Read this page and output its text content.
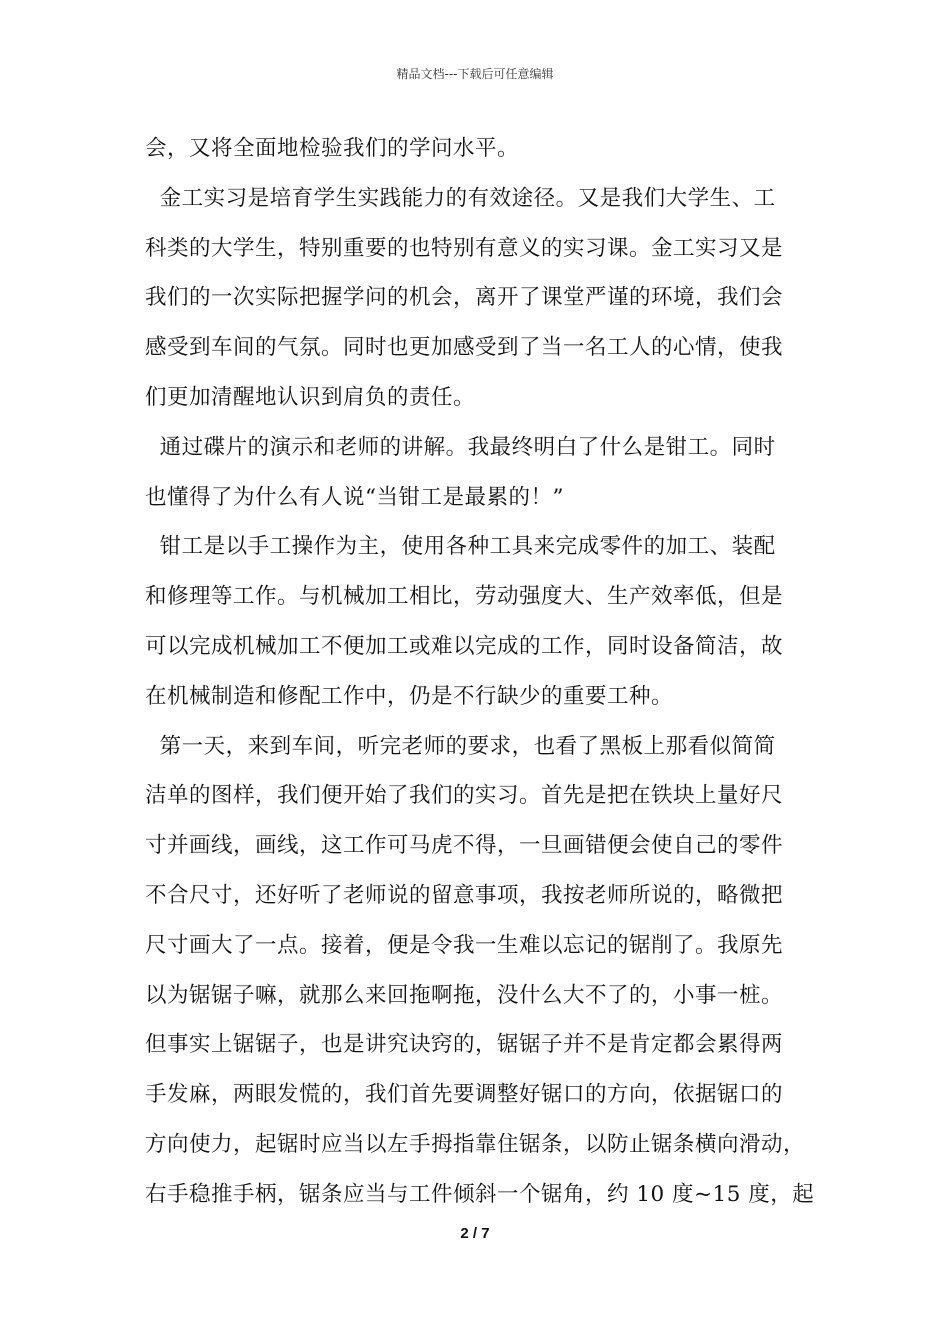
精品文档---下载后可任意编辑
会，又将全面地检验我们的学问水平。
金工实习是培育学生实践能力的有效途径。又是我们大学生、工
科类的大学生，特别重要的也特别有意义的实习课。金工实习又是
我们的一次实际把握学问的机会，离开了课堂严谨的环境，我们会
感受到车间的气氛。同时也更加感受到了当一名工人的心情，使我
们更加清醒地认识到肩负的责任。
通过碟片的演示和老师的讲解。我最终明白了什么是钳工。同时
也懂得了为什么有人说“当钳工是最累的！”
钳工是以手工操作为主，使用各种工具来完成零件的加工、装配
和修理等工作。与机械加工相比，劳动强度大、生产效率低，但是
可以完成机械加工不便加工或难以完成的工作，同时设备简洁，故
在机械制造和修配工作中，仍是不行缺少的重要工种。
第一天，来到车间，听完老师的要求，也看了黑板上那看似简简
洁单的图样，我们便开始了我们的实习。首先是把在铁块上量好尺
寸并画线，画线，这工作可马虎不得，一旦画错便会使自己的零件
不合尺寸，还好听了老师说的留意事项，我按老师所说的，略微把
尺寸画大了一点。接着，便是令我一生难以忘记的锯削了。我原先
以为锯锯子嘛，就那么来回拖啊拖，没什么大不了的，小事一桩。
但事实上锯锯子，也是讲究诀窍的，锯锯子并不是肯定都会累得两
手发麻，两眼发慌的，我们首先要调整好锯口的方向，依据锯口的
方向使力，起锯时应当以左手拇指靠住锯条，以防止锯条横向滑动，
右手稳推手柄，锯条应当与工件倾斜一个锯角，约 10 度~15 度，起
2 / 7
